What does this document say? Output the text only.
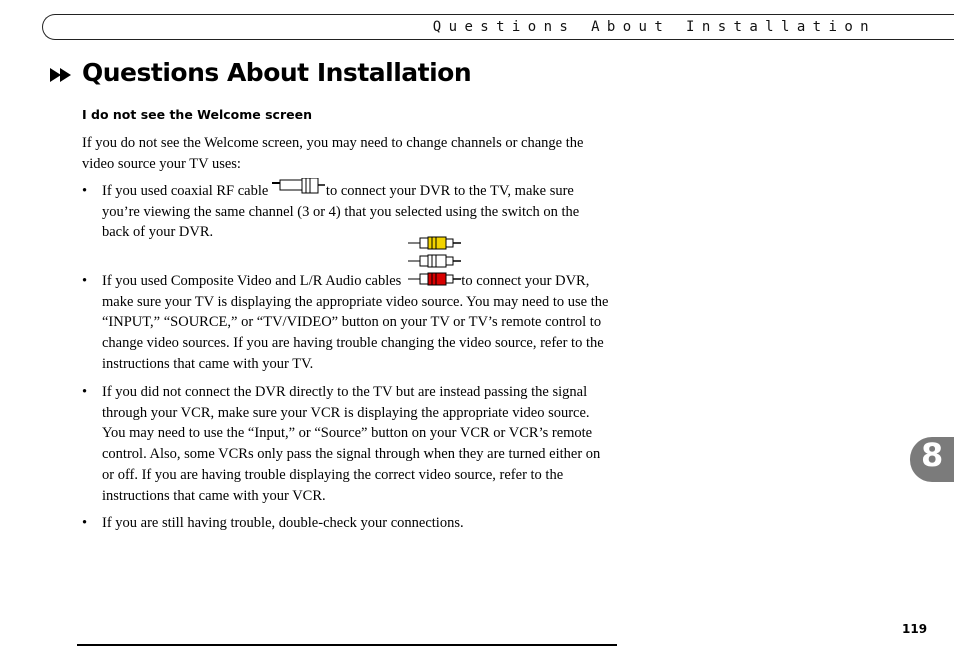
Questions About Installation
Questions About Installation
I do not see the Welcome screen

If you do not see the Welcome screen, you may need to change channels or change the
video source your TV uses:

• If you used coaxial RF cable	to connect your DVR to the TV, make sure
you’re viewing the same channel (3 or 4) that you selected using the switch on the
back of your DVR.
• If you used Composite Video and L/R Audio cables	to connect your DVR, make sure your TV is displaying the appropriate video source. You may need to use the “INPUT,” “SOURCE,” or “TV/VIDEO” button on your TV or TV’s remote control to change video sources. If you are having trouble changing the video source, refer to the instructions that came with your TV.
• If you did not connect the DVR directly to the TV but are instead passing the signal through your VCR, make sure your VCR is displaying the appropriate video source. You may need to use the “Input,” or “Source” button on your VCR or VCR’s remote control. Also, some VCRs only pass the signal through when they are turned either on or off. If you are having trouble displaying the correct video source, refer to the instructions that came with your VCR.
• If you are still having trouble, double-check your connections.
8
119
